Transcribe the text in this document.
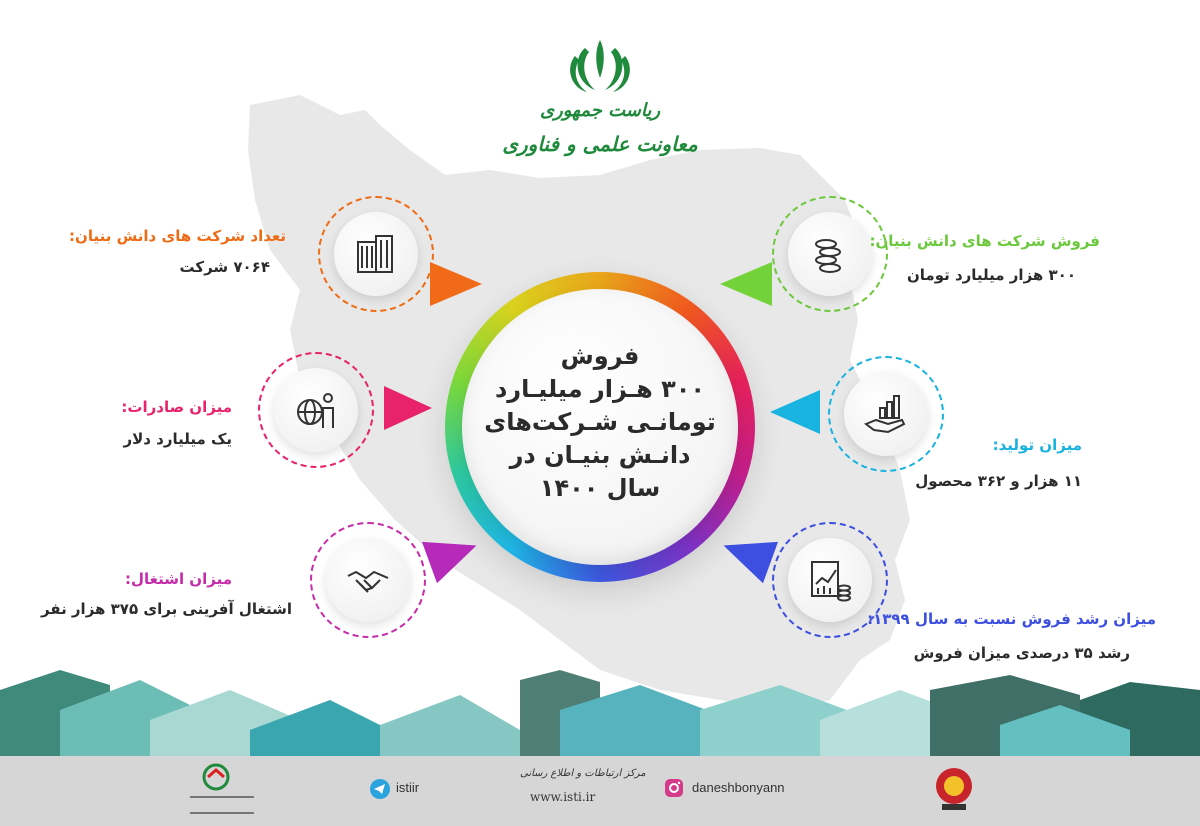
ریاست جمهوری
معاونت علمی و فناوری
فروش
۳۰۰ هـزار میلیـارد
تومانـی شـرکت‌های
دانـش بنیـان در
سال ۱۴۰۰
تعداد شرکت های دانش بنیان:
۷۰۶۴ شرکت
میزان صادرات:
یک میلیارد دلار
میزان اشتغال:
اشتغال آفرینی برای ۳۷۵ هزار نفر
فروش شرکت های دانش بنیان:
۳۰۰ هزار میلیارد تومان
میزان تولید:
۱۱ هزار و ۳۶۲ محصول
میزان رشد فروش نسبت به سال ۱۳۹۹:
رشد ۳۵ درصدی میزان فروش
istiir
مرکز ارتباطات و اطلاع رسانی
www.isti.ir
daneshbonyann
